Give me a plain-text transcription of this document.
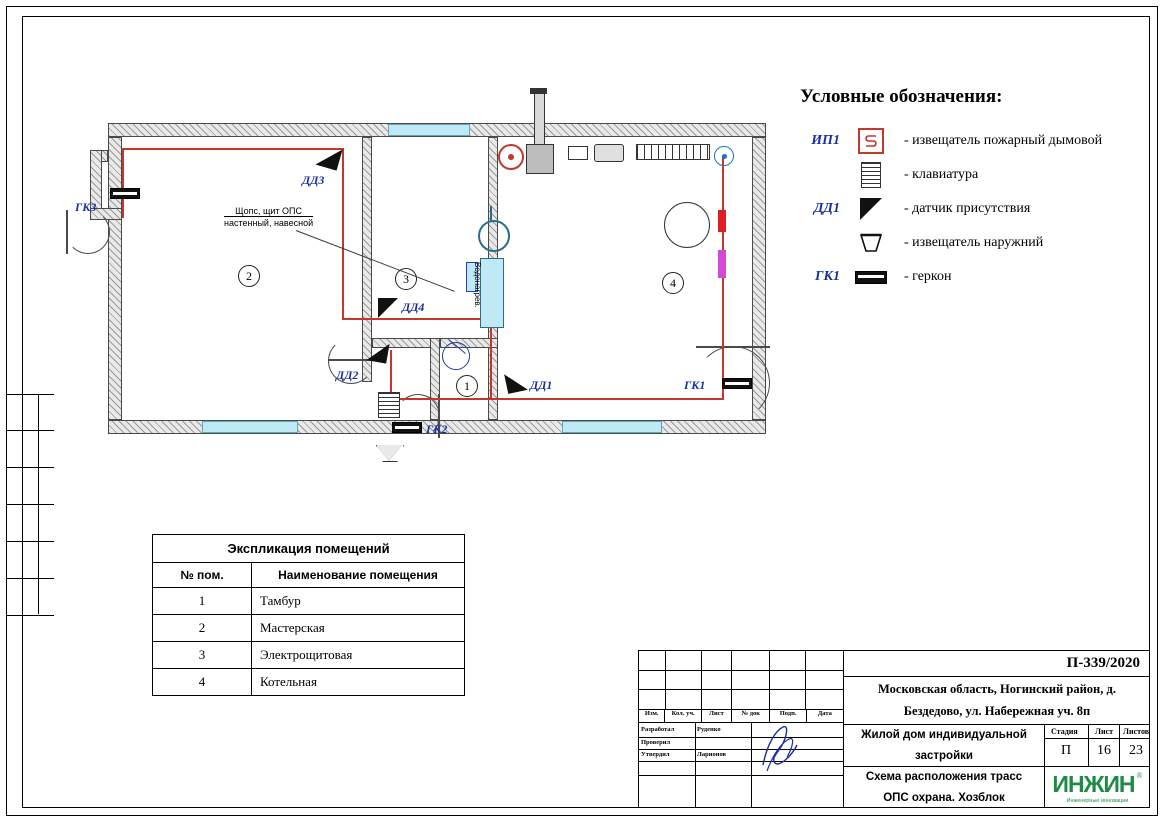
ДД3
ГК3
2	3	4
1
Щопс, щит ОПС
настенный, навесной
Водонагрев.
ДД4
ДД2
ДД1	ГК1
ГК2
Условные обозначения:
ИП1	- извещатель пожарный дымовой
- клавиатура
ДД1	- датчик присутствия
- извещатель наружний
ГК1	- геркон
Экспликация помещений	
№ пом.	Наименование помещения
1	Тамбур
2	Мастерская
3	Электрощитовая
4	Котельная
П-339/2020
Московская область, Ногинский район, д.
Бездедово, ул. Набережная уч. 8п
Изм.	Кол. уч.	Лист	№ док	Подп.	Дата
Разработал	Руденко
Проверил
Утвердил	Ларионов
Жилой дом индивидуальной
застройки
Схема расположения трасс
ОПС охрана. Хозблок
Стадия Лист Листов
П 16 23
ИНЖИН ®
Инженерные инновации
